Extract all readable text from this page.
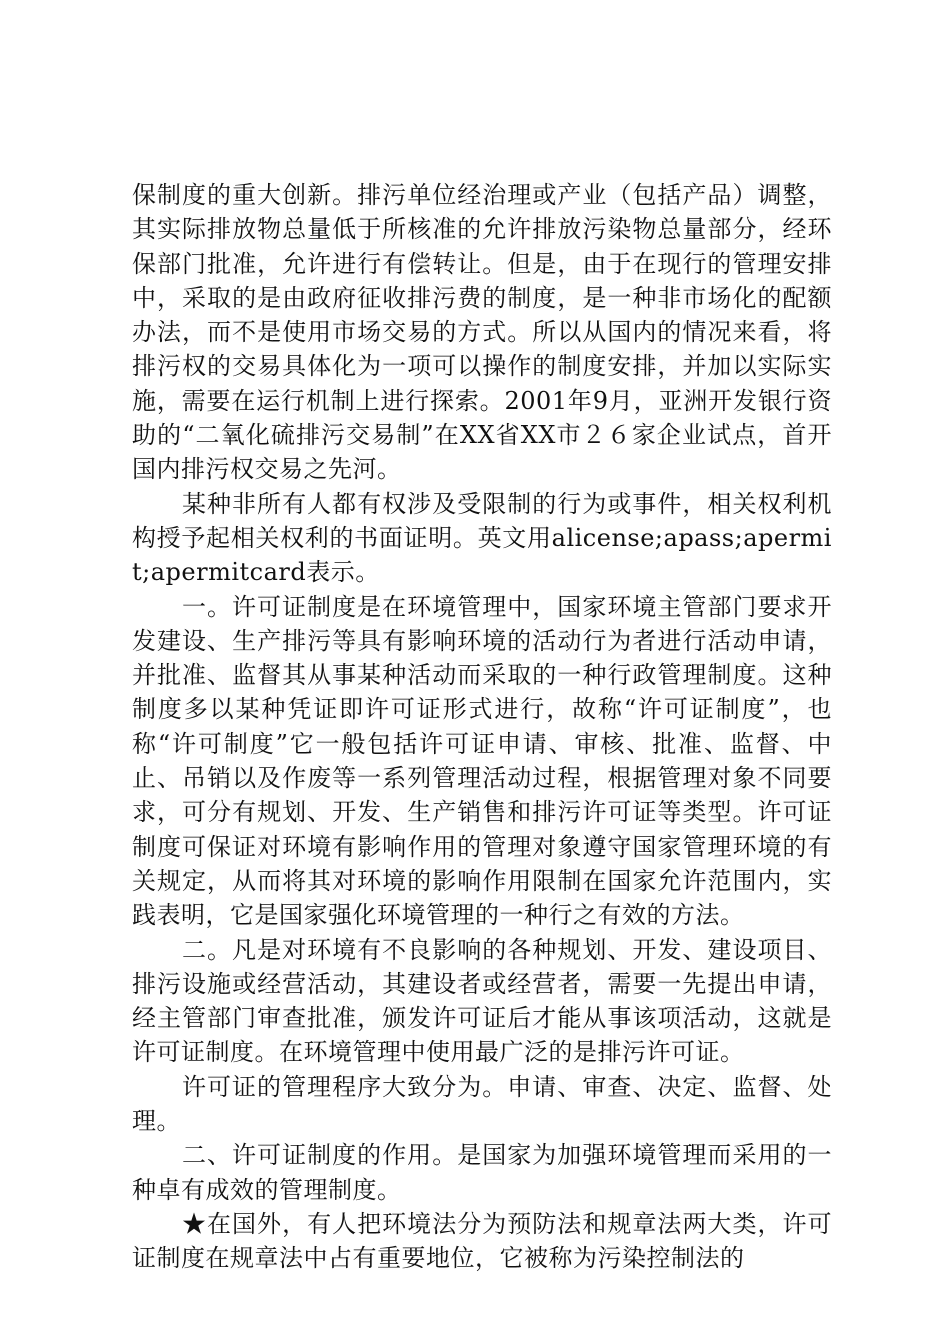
保制度的重大创新。排污单位经治理或产业（包括产品）调整，其实际排放物总量低于所核准的允许排放污染物总量部分，经环保部门批准，允许进行有偿转让。但是，由于在现行的管理安排中，采取的是由政府征收排污费的制度，是一种非市场化的配额办法，而不是使用市场交易的方式。所以从国内的情况来看，将排污权的交易具体化为一项可以操作的制度安排，并加以实际实施，需要在运行机制上进行探索。2001年9月，亚洲开发银行资助的“二氧化硫排污交易制”在XX省XX市２６家企业试点，首开国内排污权交易之先河。

某种非所有人都有权涉及受限制的行为或事件，相关权利机构授予起相关权利的书面证明。英文用alicense;apass;apermit;apermitcard表示。

一。许可证制度是在环境管理中，国家环境主管部门要求开发建设、生产排污等具有影响环境的活动行为者进行活动申请，并批准、监督其从事某种活动而采取的一种行政管理制度。这种制度多以某种凭证即许可证形式进行，故称“许可证制度”，也称“许可制度”它一般包括许可证申请、审核、批准、监督、中止、吊销以及作废等一系列管理活动过程，根据管理对象不同要求，可分有规划、开发、生产销售和排污许可证等类型。许可证制度可保证对环境有影响作用的管理对象遵守国家管理环境的有关规定，从而将其对环境的影响作用限制在国家允许范围内，实践表明，它是国家强化环境管理的一种行之有效的方法。

二。凡是对环境有不良影响的各种规划、开发、建设项目、排污设施或经营活动，其建设者或经营者，需要一先提出申请，经主管部门审查批准，颁发许可证后才能从事该项活动，这就是许可证制度。在环境管理中使用最广泛的是排污许可证。

许可证的管理程序大致分为。申请、审查、决定、监督、处理。

二、许可证制度的作用。是国家为加强环境管理而采用的一种卓有成效的管理制度。

★在国外，有人把环境法分为预防法和规章法两大类，许可证制度在规章法中占有重要地位，它被称为污染控制法的
